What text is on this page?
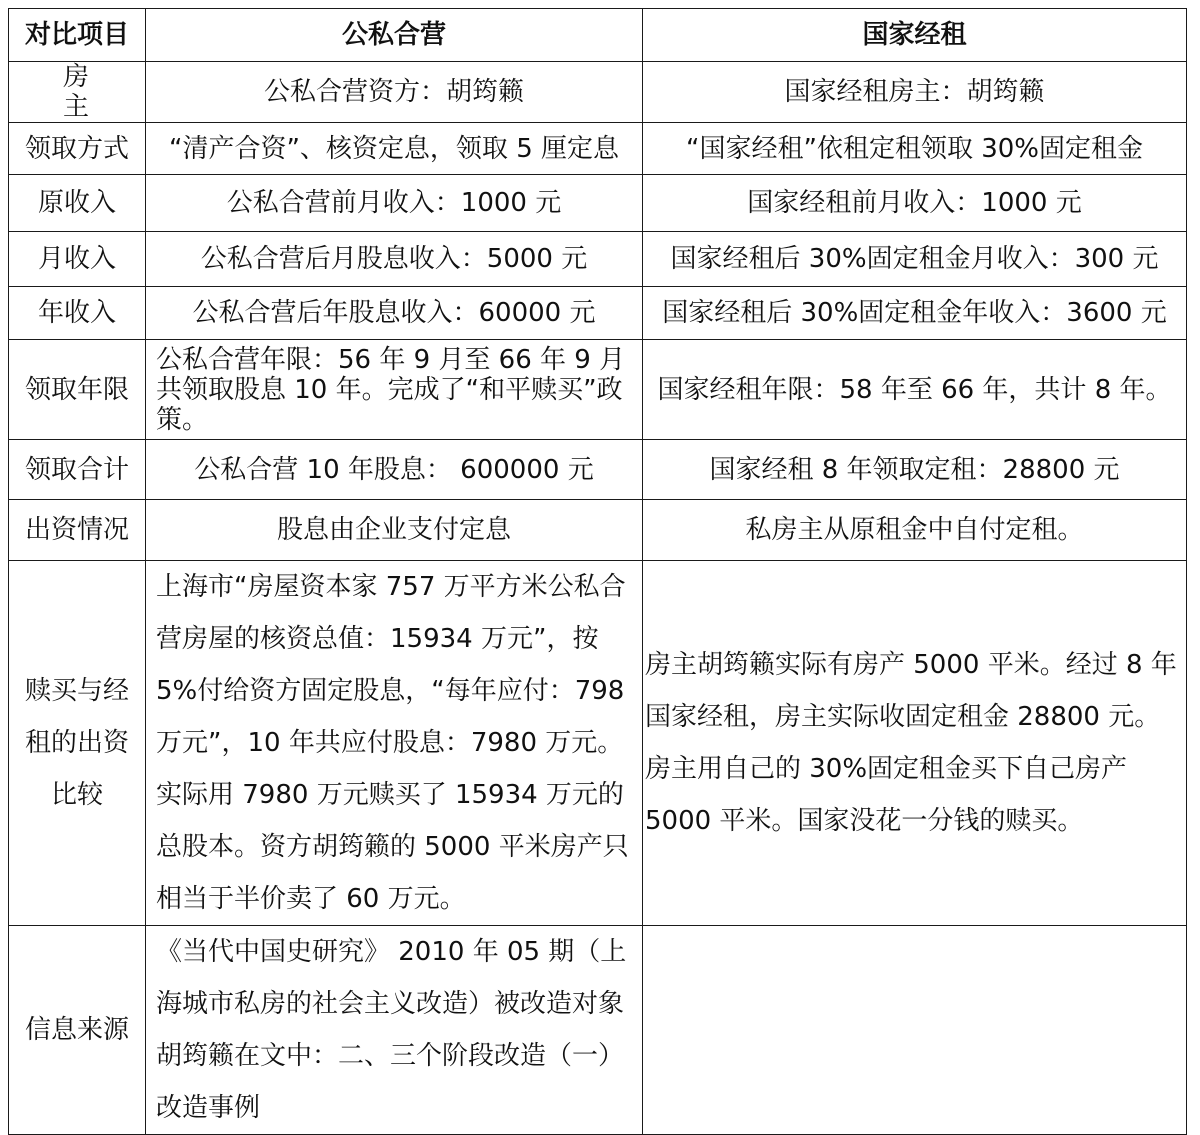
对比项目	公私合营	国家经租
房 主	公私合营资方：胡筠籁	国家经租房主：胡筠籁
领取方式	“清产合资”、核资定息，领取 5 厘定息	“国家经租”依租定租领取 30%固定租金
原收入	公私合营前月收入：1000 元	国家经租前月收入：1000 元
月收入	公私合营后月股息收入：5000 元	国家经租后 30%固定租金月收入：300 元
年收入	公私合营后年股息收入：60000 元	国家经租后 30%固定租金年收入：3600 元
领取年限	公私合营年限：56 年 9 月至 66 年 9 月共领取股息 10 年。完成了“和平赎买”政策。	国家经租年限：58 年至 66 年，共计 8 年。
领取合计	公私合营 10 年股息： 600000 元	国家经租 8 年领取定租：28800 元
出资情况	股息由企业支付定息	私房主从原租金中自付定租。
赎买与经租的出资比较	上海市“房屋资本家 757 万平方米公私合营房屋的核资总值：15934 万元”，按 5%付给资方固定股息，“每年应付：798 万元”，10 年共应付股息：7980 万元。实际用 7980 万元赎买了 15934 万元的总股本。资方胡筠籁的 5000 平米房产只相当于半价卖了 60 万元。	房主胡筠籁实际有房产 5000 平米。经过 8 年国家经租，房主实际收固定租金 28800 元。房主用自己的 30%固定租金买下自己房产 5000 平米。国家没花一分钱的赎买。
信息来源	《当代中国史研究》 2010 年 05 期（上海城市私房的社会主义改造）被改造对象胡筠籁在文中：二、三个阶段改造（一）改造事例	
